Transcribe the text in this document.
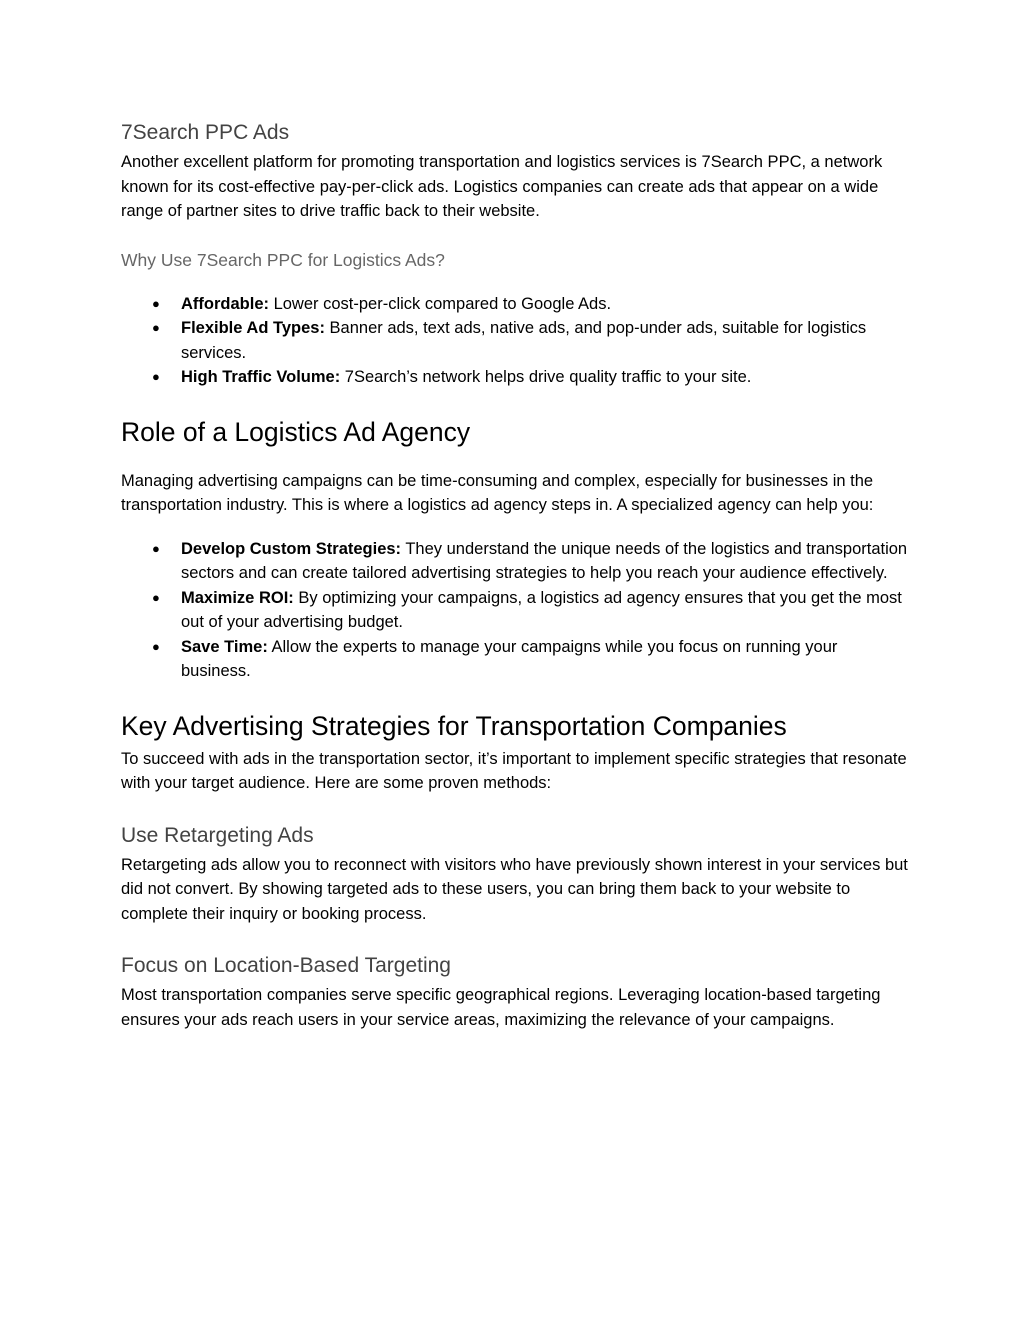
7Search PPC Ads

Another excellent platform for promoting transportation and logistics services is 7Search PPC, a network known for its cost-effective pay-per-click ads. Logistics companies can create ads that appear on a wide range of partner sites to drive traffic back to their website.

Why Use 7Search PPC for Logistics Ads?
● Affordable: Lower cost-per-click compared to Google Ads.
● Flexible Ad Types: Banner ads, text ads, native ads, and pop-under ads, suitable for logistics services.
● High Traffic Volume: 7Search’s network helps drive quality traffic to your site.
Role of a Logistics Ad Agency

Managing advertising campaigns can be time-consuming and complex, especially for businesses in the transportation industry. This is where a logistics ad agency steps in. A specialized agency can help you:

● Develop Custom Strategies: They understand the unique needs of the logistics and transportation sectors and can create tailored advertising strategies to help you reach your audience effectively.
● Maximize ROI: By optimizing your campaigns, a logistics ad agency ensures that you get the most out of your advertising budget.
● Save Time: Allow the experts to manage your campaigns while you focus on running your business.
Key Advertising Strategies for Transportation Companies

To succeed with ads in the transportation sector, it’s important to implement specific strategies that resonate with your target audience. Here are some proven methods:

Use Retargeting Ads

Retargeting ads allow you to reconnect with visitors who have previously shown interest in your services but did not convert. By showing targeted ads to these users, you can bring them back to your website to complete their inquiry or booking process.

Focus on Location-Based Targeting

Most transportation companies serve specific geographical regions. Leveraging location-based targeting ensures your ads reach users in your service areas, maximizing the relevance of your campaigns.
